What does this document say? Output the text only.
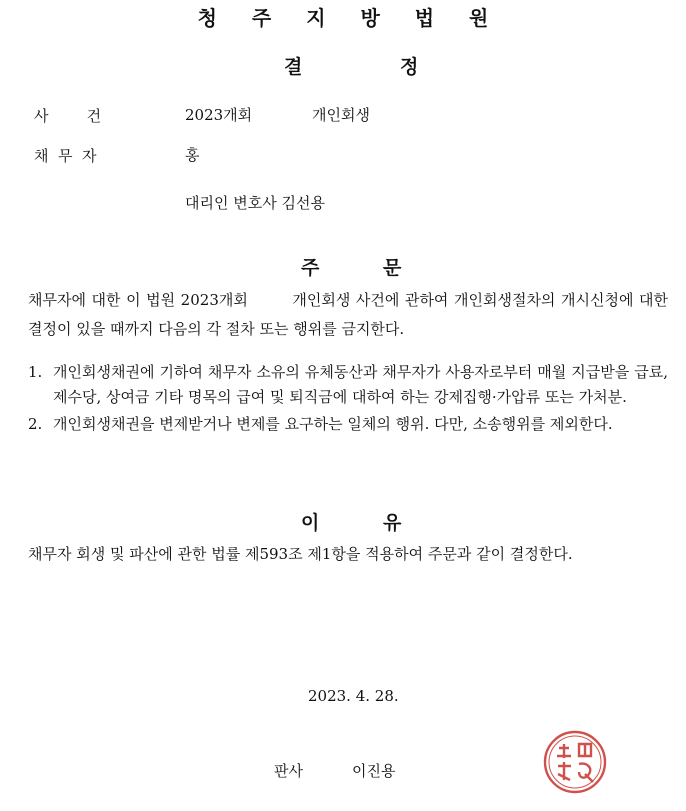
청 주 지 방 법 원
결	정
사        건	2023개회	개인회생
채  무  자	홍
대리인 변호사 김선용
주	문
채무자에 대한 이 법원 2023개회        개인회생 사건에 관하여 개인회생절차의 개시신청에 대한 결정이 있을 때까지 다음의 각 절차 또는 행위를 금지한다.
1. 개인회생채권에 기하여 채무자 소유의 유체동산과 채무자가 사용자로부터 매월 지급받을 급료, 제수당, 상여금 기타 명목의 급여 및 퇴직금에 대하여 하는 강제집행·가압류 또는 가처분.
2. 개인회생채권을 변제받거나 변제를 요구하는 일체의 행위. 다만, 소송행위를 제외한다.
이	유
채무자 회생 및 파산에 관한 법률 제593조 제1항을 적용하여 주문과 같이 결정한다.
2023. 4. 28.
판사	이진용
